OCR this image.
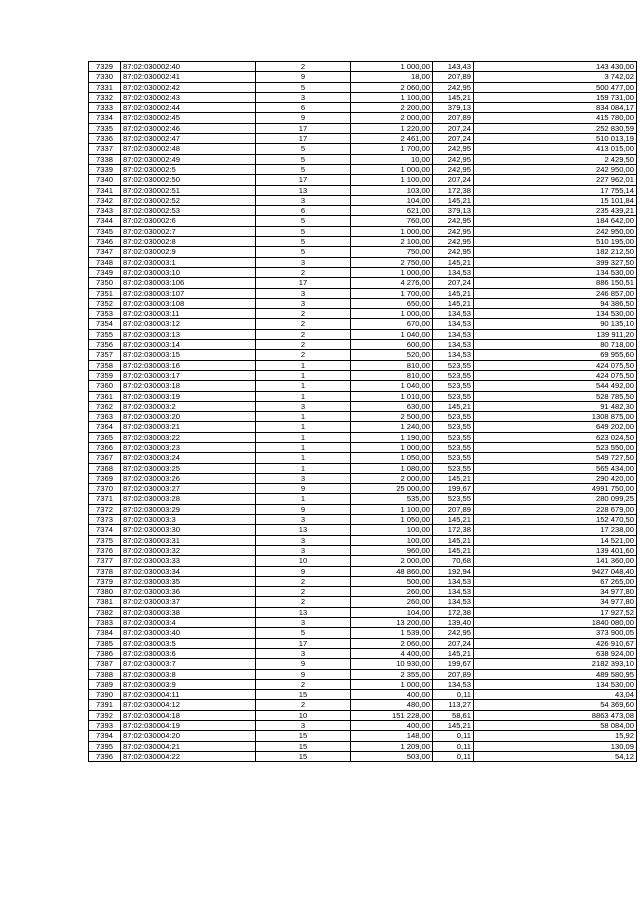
7329	87:02:030002:40	2	1 000,00	143,43	143 430,00
7330	87:02:030002:41	9	18,00	207,89	3 742,02
7331	87:02:030002:42	5	2 060,00	242,95	500 477,00
7332	87:02:030002:43	3	1 100,00	145,21	159 731,00
7333	87:02:030002:44	6	2 200,00	379,13	834 084,17
7334	87:02:030002:45	9	2 000,00	207,89	415 780,00
7335	87:02:030002:46	17	1 220,00	207,24	252 830,59
7336	87:02:030002:47	17	2 461,00	207,24	510 013,19
7337	87:02:030002:48	5	1 700,00	242,95	413 015,00
7338	87:02:030002:49	5	10,00	242,95	2 429,50
7339	87:02:030002:5	5	1 000,00	242,95	242 950,00
7340	87:02:030002:50	17	1 100,00	207,24	227 962,01
7341	87:02:030002:51	13	103,00	172,38	17 755,14
7342	87:02:030002:52	3	104,00	145,21	15 101,84
7343	87:02:030002:53	6	621,00	379,13	235 439,21
7344	87:02:030002:6	5	760,00	242,95	184 642,00
7345	87:02:030002:7	5	1 000,00	242,95	242 950,00
7346	87:02:030002:8	5	2 100,00	242,95	510 195,00
7347	87:02:030002:9	5	750,00	242,95	182 212,50
7348	87:02:030003:1	3	2 750,00	145,21	399 327,50
7349	87:02:030003:10	2	1 000,00	134,53	134 530,00
7350	87:02:030003:106	17	4 276,00	207,24	886 150,51
7351	87:02:030003:107	3	1 700,00	145,21	246 857,00
7352	87:02:030003:108	3	650,00	145,21	94 386,50
7353	87:02:030003:11	2	1 000,00	134,53	134 530,00
7354	87:02:030003:12	2	670,00	134,53	90 135,10
7355	87:02:030003:13	2	1 040,00	134,53	139 911,20
7356	87:02:030003:14	2	600,00	134,53	80 718,00
7357	87:02:030003:15	2	520,00	134,53	69 955,60
7358	87:02:030003:16	1	810,00	523,55	424 075,50
7359	87:02:030003:17	1	810,00	523,55	424 075,50
7360	87:02:030003:18	1	1 040,00	523,55	544 492,00
7361	87:02:030003:19	1	1 010,00	523,55	528 785,50
7362	87:02:030003:2	3	630,00	145,21	91 482,30
7363	87:02:030003:20	1	2 500,00	523,55	1308 875,00
7364	87:02:030003:21	1	1 240,00	523,55	649 202,00
7365	87:02:030003:22	1	1 190,00	523,55	623 024,50
7366	87:02:030003:23	1	1 000,00	523,55	523 550,00
7367	87:02:030003:24	1	1 050,00	523,55	549 727,50
7368	87:02:030003:25	1	1 080,00	523,55	565 434,00
7369	87:02:030003:26	3	2 000,00	145,21	290 420,00
7370	87:02:030003:27	9	25 000,00	199,67	4991 750,00
7371	87:02:030003:28	1	535,00	523,55	280 099,25
7372	87:02:030003:29	9	1 100,00	207,89	228 679,00
7373	87:02:030003:3	3	1 050,00	145,21	152 470,50
7374	87:02:030003:30	13	100,00	172,38	17 238,00
7375	87:02:030003:31	3	100,00	145,21	14 521,00
7376	87:02:030003:32	3	960,00	145,21	139 401,60
7377	87:02:030003:33	10	2 000,00	70,68	141 360,00
7378	87:02:030003:34	9	48 860,00	192,94	9427 048,40
7379	87:02:030003:35	2	500,00	134,53	67 265,00
7380	87:02:030003:36	2	260,00	134,53	34 977,80
7381	87:02:030003:37	2	260,00	134,53	34 977,80
7382	87:02:030003:38	13	104,00	172,38	17 927,52
7383	87:02:030003:4	3	13 200,00	139,40	1840 080,00
7384	87:02:030003:40	5	1 539,00	242,95	373 900,05
7385	87:02:030003:5	17	2 060,00	207,24	426 910,67
7386	87:02:030003:6	3	4 400,00	145,21	638 924,00
7387	87:02:030003:7	9	10 930,00	199,67	2182 393,10
7388	87:02:030003:8	9	2 355,00	207,89	489 580,95
7389	87:02:030003:9	2	1 000,00	134,53	134 530,00
7390	87:02:030004:11	15	400,00	0,11	43,04
7391	87:02:030004:12	2	480,00	113,27	54 369,60
7392	87:02:030004:18	10	151 228,00	58,61	8863 473,08
7393	87:02:030004:19	3	400,00	145,21	58 084,00
7394	87:02:030004:20	15	148,00	0,11	15,92
7395	87:02:030004:21	15	1 209,00	0,11	130,09
7396	87:02:030004:22	15	503,00	0,11	54,12
